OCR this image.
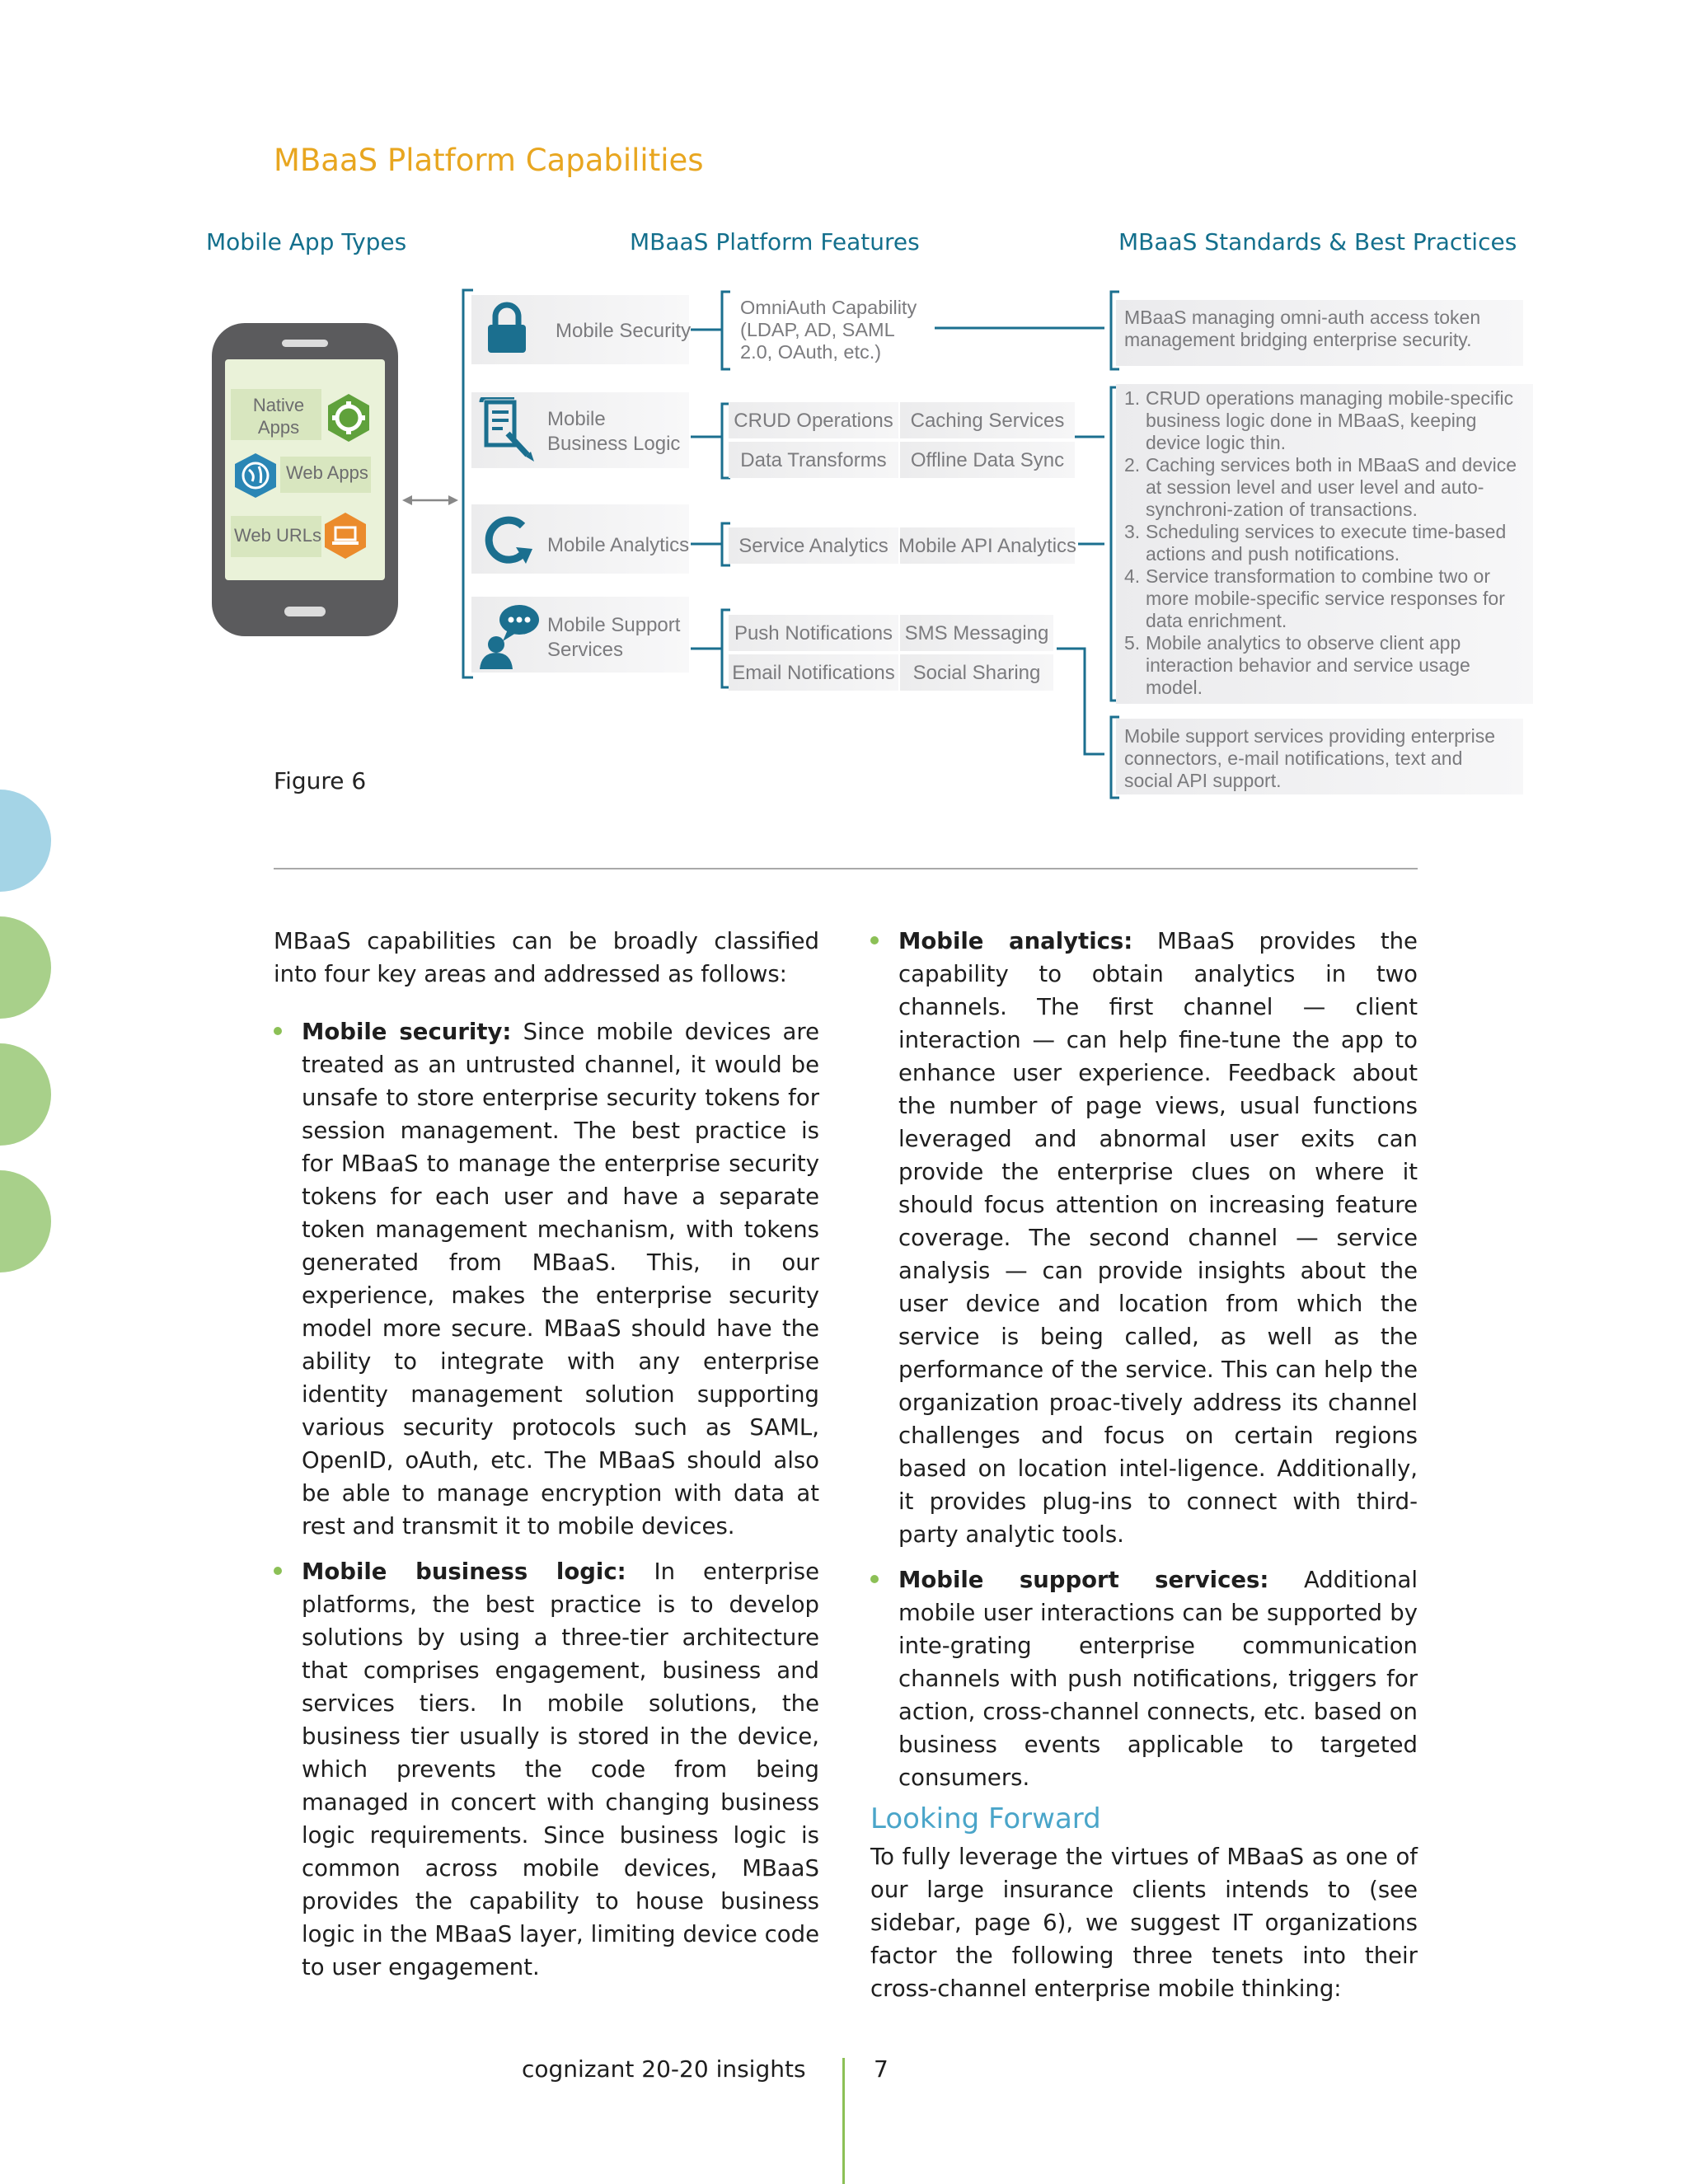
MBaaS Platform Capabilities
Mobile App Types	MBaaS Platform Features	MBaaS Standards & Best Practices
Native Apps
Web Apps
Web URLs
Mobile Security
Mobile Business Logic
Mobile Analytics
Mobile Support Services
OmniAuth Capability (LDAP, AD, SAML 2.0, OAuth, etc.)
CRUD Operations Caching Services
Data Transforms	Offline Data Sync
Service Analytics Mobile API Analytics
Push Notifications SMS Messaging
Email Notifications Social Sharing
MBaaS managing omni-auth access token management bridging enterprise security.
1. CRUD operations managing mobile-specific business logic done in MBaaS, keeping device logic thin.
2. Caching services both in MBaaS and device at session level and user level and auto-synchroni-zation of transactions.
3. Scheduling services to execute time-based actions and push notifications.
4. Service transformation to combine two or more mobile-specific service responses for data enrichment.
5. Mobile analytics to observe client app interaction behavior and service usage model.
Mobile support services providing enterprise connectors, e-mail notifications, text and social API support.
Figure 6

MBaaS capabilities can be broadly classified into four key areas and addressed as follows:

Mobile security: Since mobile devices are treated as an untrusted channel, it would be unsafe to store enterprise security tokens for session management. The best practice is for MBaaS to manage the enterprise security tokens for each user and have a separate token management mechanism, with tokens generated from MBaaS. This, in our experience, makes the enterprise security model more secure. MBaaS should have the ability to integrate with any enterprise identity management solution supporting various security protocols such as SAML, OpenID, oAuth, etc. The MBaaS should also be able to manage encryption with data at rest and transmit it to mobile devices.

Mobile business logic: In enterprise platforms, the best practice is to develop solutions by using a three-tier architecture that comprises engagement, business and services tiers. In mobile solutions, the business tier usually is stored in the device, which prevents the code from being managed in concert with changing business logic requirements. Since business logic is common across mobile devices, MBaaS provides the capability to house business logic in the MBaaS layer, limiting device code to user engagement.

Mobile analytics: MBaaS provides the capability to obtain analytics in two channels. The first channel — client interaction — can help fine-tune the app to enhance user experience. Feedback about the number of page views, usual functions leveraged and abnormal user exits can provide the enterprise clues on where it should focus attention on increasing feature coverage. The second channel — service analysis — can provide insights about the user device and location from which the service is being called, as well as the performance of the service. This can help the organization proac-tively address its channel challenges and focus on certain regions based on location intel-ligence. Additionally, it provides plug-ins to connect with third-party analytic tools.

Mobile support services: Additional mobile user interactions can be supported by inte-grating enterprise communication channels with push notifications, triggers for action, cross-channel connects, etc. based on business events applicable to targeted consumers.

Looking Forward

To fully leverage the virtues of MBaaS as one of our large insurance clients intends to (see sidebar, page 6), we suggest IT organizations factor the following three tenets into their cross-channel enterprise mobile thinking:

cognizant 20-20 insights	7
